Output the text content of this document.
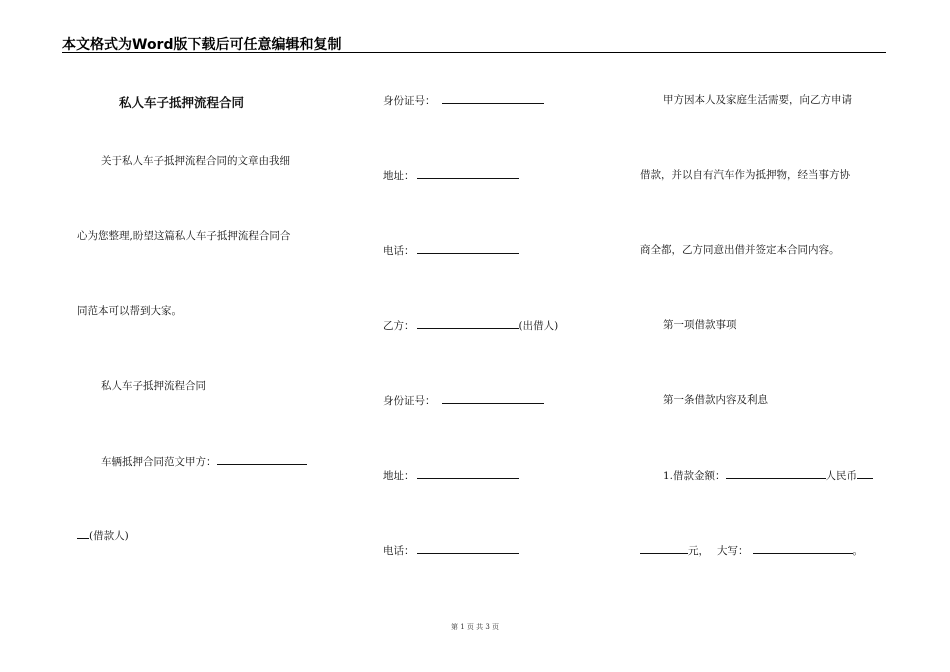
本文格式为Word版下载后可任意编辑和复制
私人车子抵押流程合同
关于私人车子抵押流程合同的文章由我细
心为您整理,盼望这篇私人车子抵押流程合同合
同范本可以帮到大家。
私人车子抵押流程合同
车辆抵押合同范文甲方：
(借款人)
身份证号：
地址：
电话：
乙方：	(出借人)
身份证号：
地址：
电话：
甲方因本人及家庭生活需要，向乙方申请
借款，并以自有汽车作为抵押物，经当事方协
商全都，乙方同意出借并签定本合同内容。
第一项借款事项
第一条借款内容及利息
1.借款金额：	人民币
元， 大写：	。
第 1 页 共 3 页
